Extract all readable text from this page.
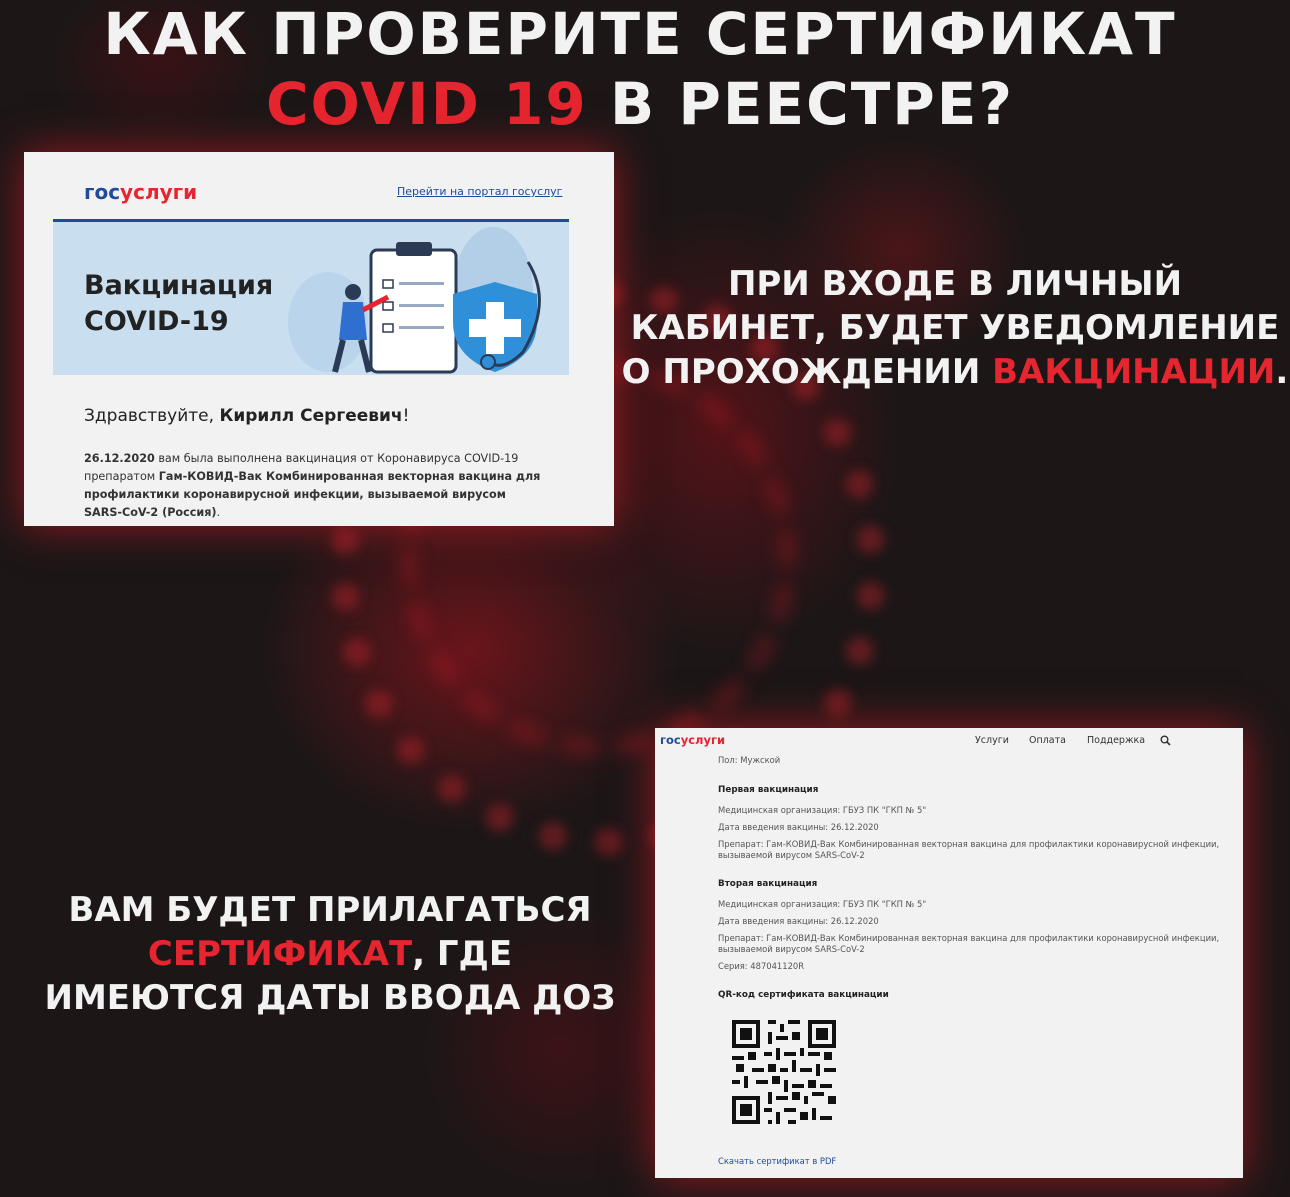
КАК ПРОВЕРИТЕ СЕРТИФИКАТ
COVID 19 В РЕЕСТРЕ?
госуслуги	Перейти на портал госуслуг
Вакцинация
COVID-19
Здравствуйте, Кирилл Сергеевич!
26.12.2020 вам была выполнена вакцинация от Коронавируса COVID-19 препаратом Гам-КОВИД-Вак Комбинированная векторная вакцина для профилактики коронавирусной инфекции, вызываемой вирусом SARS-CoV-2 (Россия).
ПРИ ВХОДЕ В ЛИЧНЫЙ
КАБИНЕТ, БУДЕТ УВЕДОМЛЕНИЕ
О ПРОХОЖДЕНИИ ВАКЦИНАЦИИ.
ВАМ БУДЕТ ПРИЛАГАТЬСЯ
СЕРТИФИКАТ, ГДЕ
ИМЕЮТСЯ ДАТЫ ВВОДА ДОЗ
госуслуги	Услуги Оплата Поддержка
Пол: Мужской
Первая вакцинация
Медицинская организация: ГБУЗ ПК "ГКП № 5"
Дата введения вакцины: 26.12.2020
Препарат: Гам-КОВИД-Вак Комбинированная векторная вакцина для профилактики коронавирусной инфекции,
вызываемой вирусом SARS-CoV-2
Вторая вакцинация
Медицинская организация: ГБУЗ ПК "ГКП № 5"
Дата введения вакцины: 26.12.2020
Препарат: Гам-КОВИД-Вак Комбинированная векторная вакцина для профилактики коронавирусной инфекции,
вызываемой вирусом SARS-CoV-2
Серия: 487041120R
QR-код сертификата вакцинации
Скачать сертификат в PDF
